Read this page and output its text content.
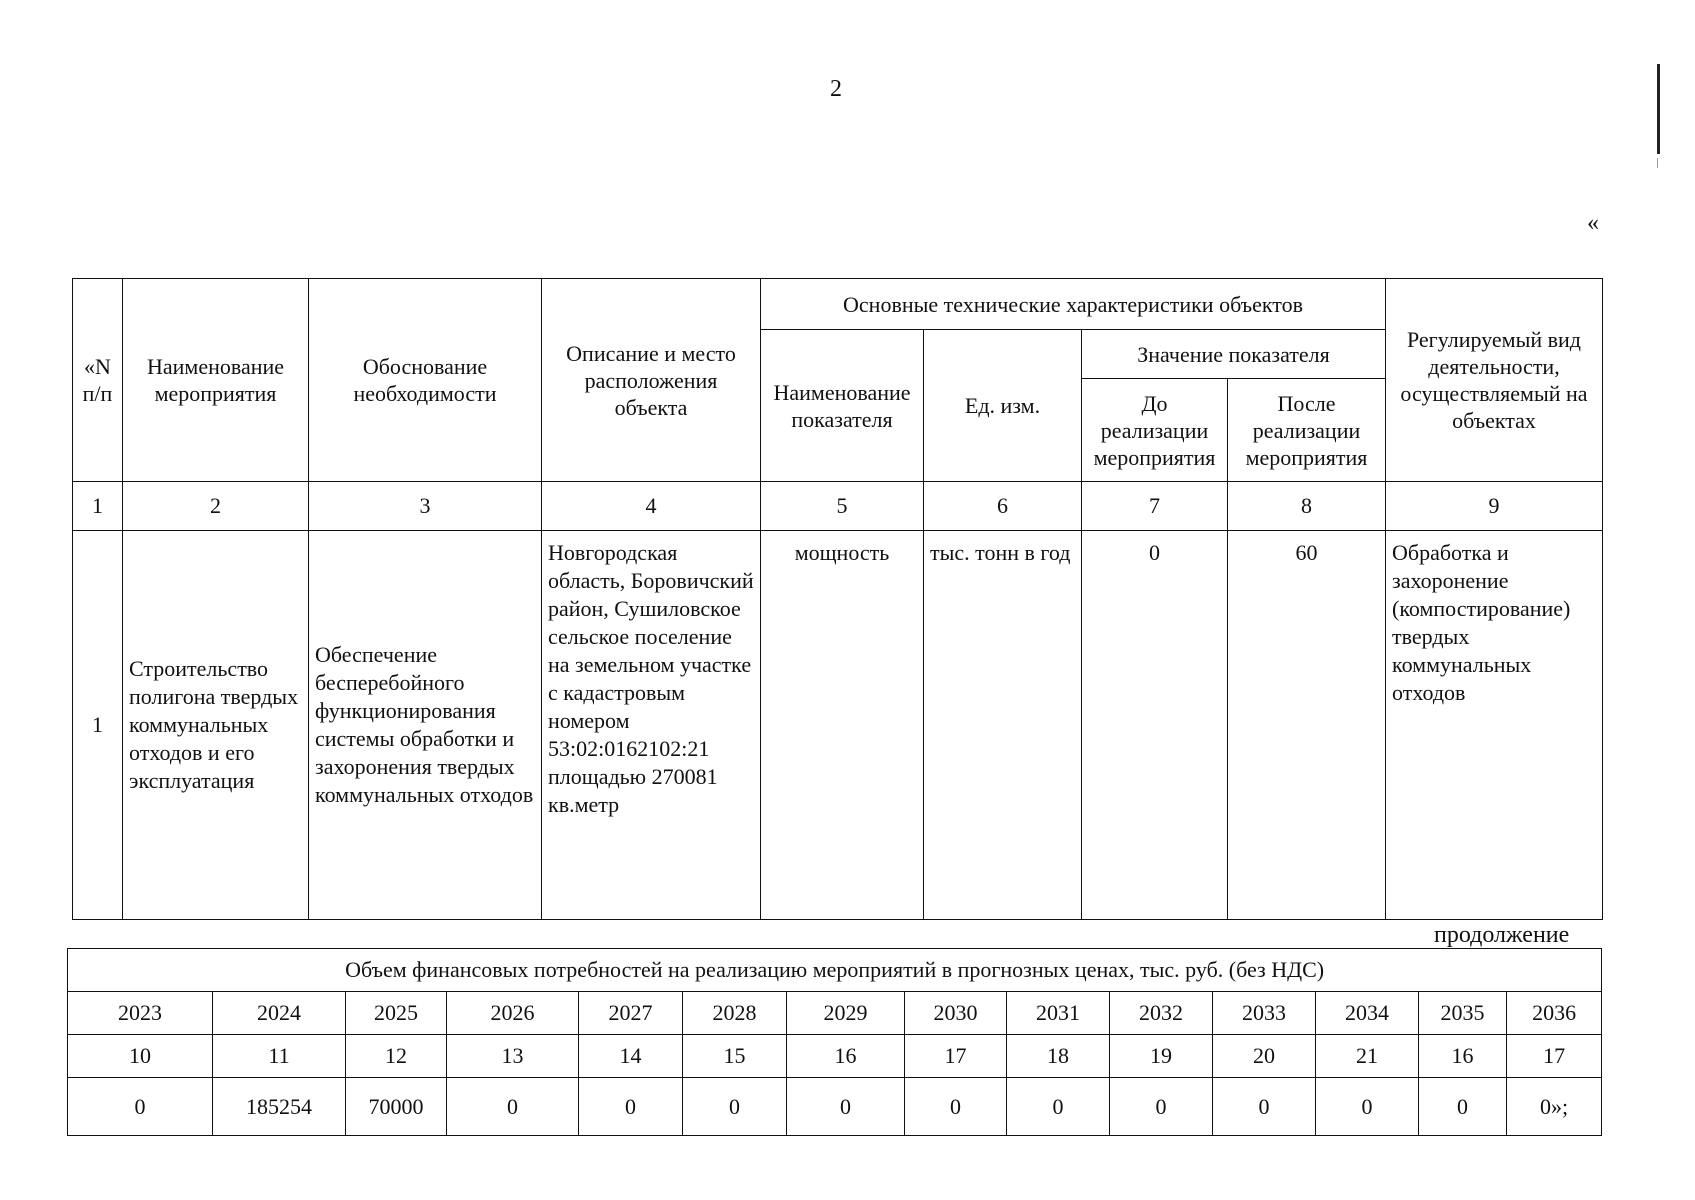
2
«
«N п/п	Наименование мероприятия	Обоснование необходимости	Описание и место расположения объекта	Основные технические характеристики объектов				Регулируемый вид деятельности, осуществляемый на объектах
				Наименование показателя	Ед. изм.	Значение показателя		
						До реализации мероприятия	После реализации мероприятия	
1	2	3	4	5	6	7	8	9
1	Строительство полигона твердых коммунальных отходов и его эксплуатация	Обеспечение бесперебойного функционирования системы обработки и захоронения твердых коммунальных отходов	Новгородская область, Боровичский район, Сушиловское сельское поселение на земельном участке с кадастровым номером 53:02:0162102:21 площадью 270081 кв.метр	мощность	тыс. тонн в год	0	60	Обработка и захоронение (компостирование) твердых коммунальных отходов
продолжение
Объем финансовых потребностей на реализацию мероприятий в прогнозных ценах, тыс. руб. (без НДС)													
2023	2024	2025	2026	2027	2028	2029	2030	2031	2032	2033	2034	2035	2036
10	11	12	13	14	15	16	17	18	19	20	21	16	17
0	185254	70000	0	0	0	0	0	0	0	0	0	0	0»;
